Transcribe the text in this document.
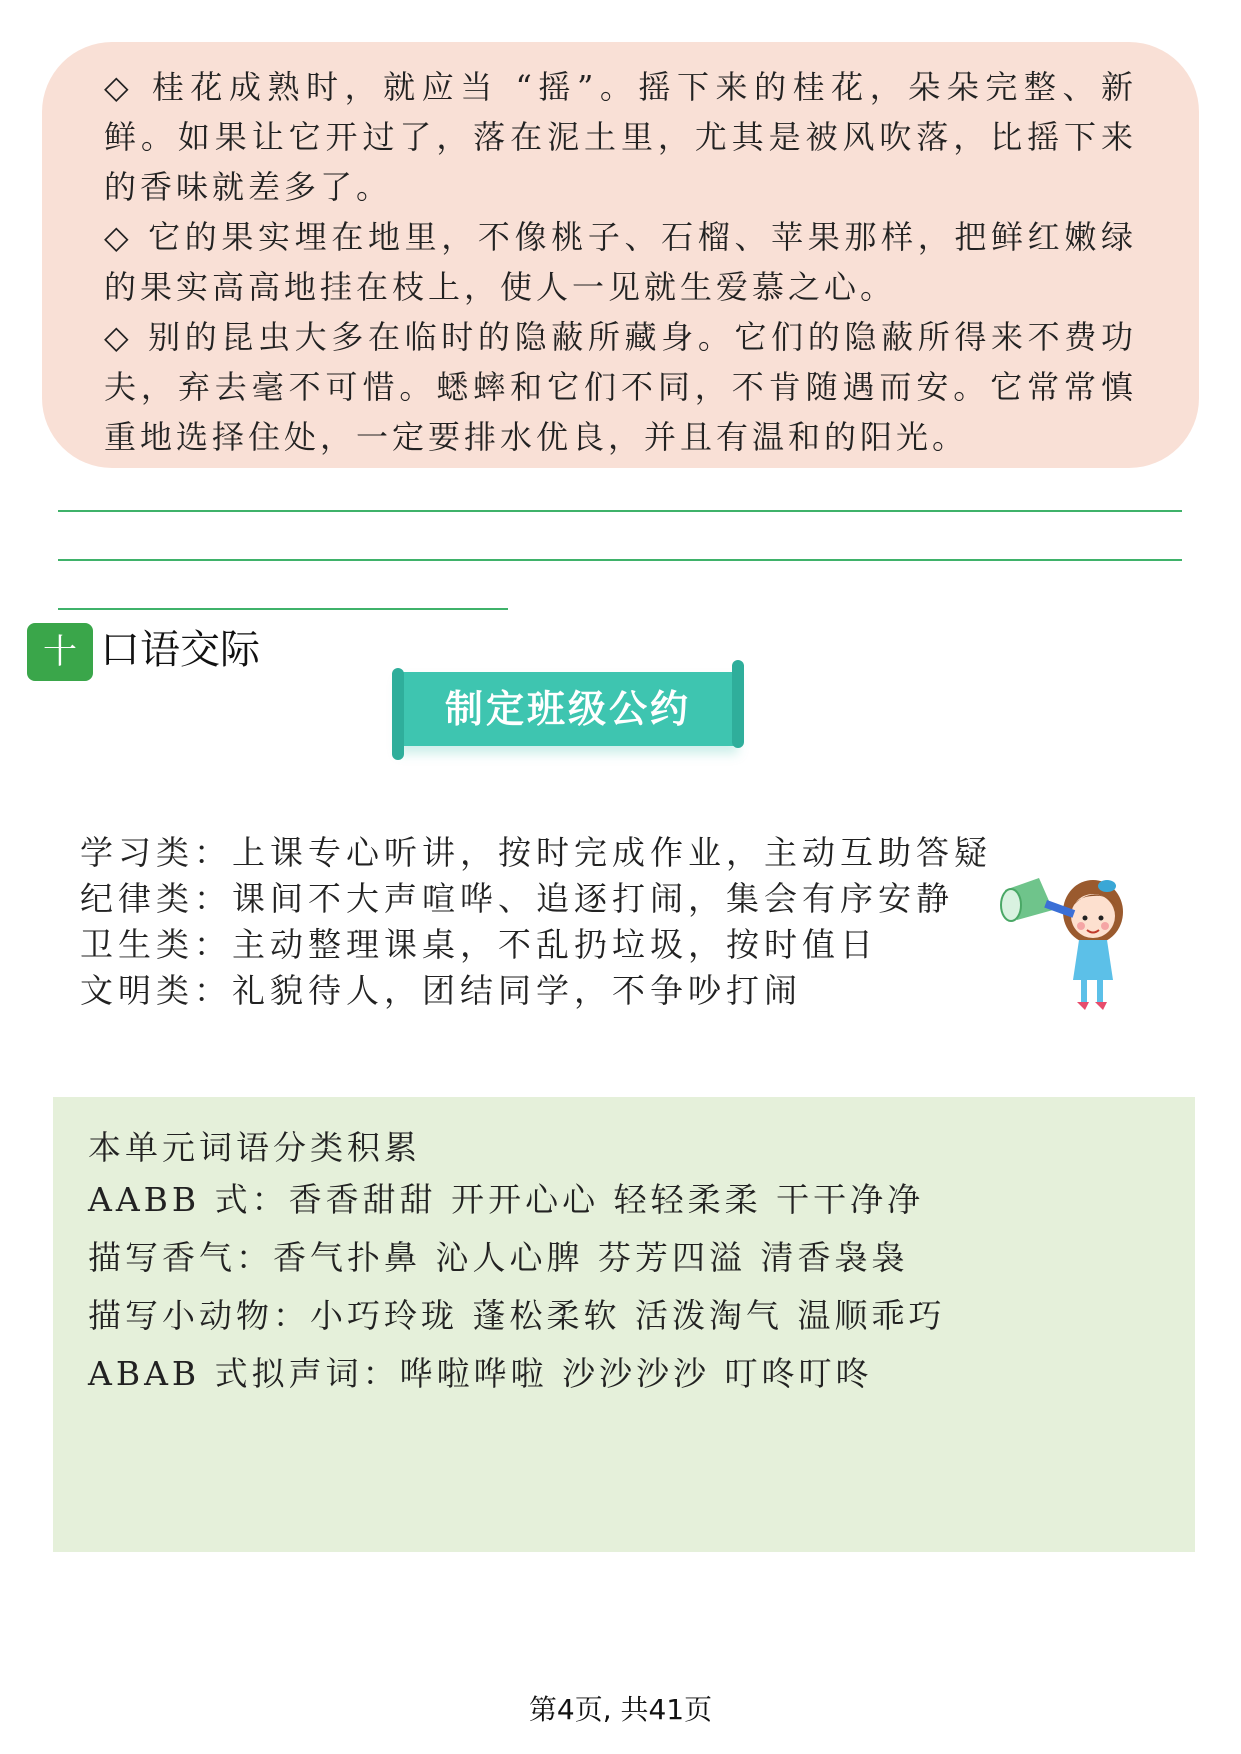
◇ 桂花成熟时，就应当 “摇”。摇下来的桂花，朵朵完整、新鲜。如果让它开过了，落在泥土里，尤其是被风吹落，比摇下来的香味就差多了。

◇ 它的果实埋在地里，不像桃子、石榴、苹果那样，把鲜红嫩绿的果实高高地挂在枝上，使人一见就生爱慕之心。

◇ 别的昆虫大多在临时的隐蔽所藏身。它们的隐蔽所得来不费功夫，弃去毫不可惜。蟋蟀和它们不同，不肯随遇而安。它常常慎重地选择住处，一定要排水优良，并且有温和的阳光。

十一
口语交际
制定班级公约
学习类：上课专心听讲，按时完成作业，主动互助答疑
纪律类：课间不大声喧哗、追逐打闹，集会有序安静
卫生类：主动整理课桌，不乱扔垃圾，按时值日
文明类：礼貌待人，团结同学，不争吵打闹
本单元词语分类积累
AABB 式：香香甜甜 开开心心 轻轻柔柔 干干净净
描写香气：香气扑鼻 沁人心脾 芬芳四溢 清香袅袅
描写小动物：小巧玲珑 蓬松柔软 活泼淘气 温顺乖巧
ABAB 式拟声词：哗啦哗啦 沙沙沙沙 叮咚叮咚
第4页, 共41页
